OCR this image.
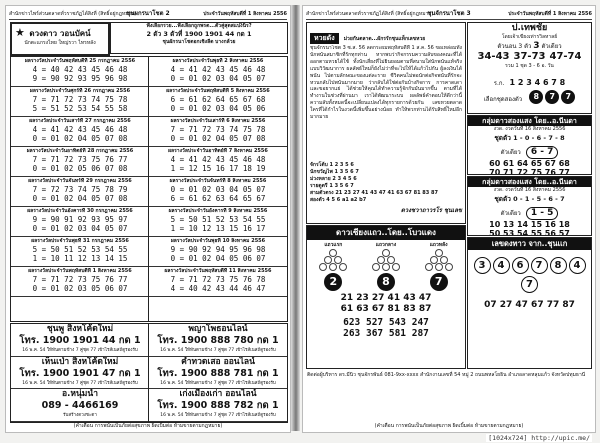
สำนักข่าวไพร์ส่วนตลาดทั่วราชภัฏได้สิงที่ (สิทธิ์อยู่กฎหมาย)
ชุนผกรนาโชต 2	ประจำวันพฤหัสบดีที่ 1 สิงหาคม 2556
★ ดวงดาว วอนบัคน์
นักตะแกรงไทย ใหญ่รวา ไทรหลัง
ฟังเลือกรวย...ฟังเลือกถูกพรต...ตัวคู่สุดสแปง็นิร?
2 ตัว 3 ตัวที่ 1900 1901 44 กด 1
ชุนผักรนาโชตอกเชิงลีด บางกล้วย
ผลรางวัลประจำวันพฤหัสบดีที่ 25 กรกฎาคม 2556
4 = 40 42 43 45 46 48
9 = 90 92 93 95 96 98
ผลรางวัลประจำวันศุกร์ที่ 26 กรกฎาคม 2556
7 = 71 72 73 74 75 78
5 = 51 52 53 54 55 58
ผลรางวัลประจำวันเสาร์ที่ 27 กรกฎาคม 2556
4 = 41 42 43 45 46 48
0 = 01 02 04 05 07 08
ผลรางวัลประจำวันอาทิตย์ที่ 28 กรกฎาคม 2556
7 = 71 72 73 75 76 77
0 = 01 02 05 06 07 08
ผลรางวัลประจำวันจันทร์ที่ 29 กรกฎาคม 2556
7 = 72 73 74 75 78 79
0 = 01 02 04 05 07 08
ผลรางวัลประจำวันอังคารที่ 30 กรกฎาคม 2556
9 = 90 91 92 93 95 97
0 = 01 02 03 04 05 07
ผลรางวัลประจำวันพุธที่ 31 กรกฎาคม 2556
5 = 50 51 52 53 54 55
1 = 10 11 12 13 14 15
ผลรางวัลประจำวันพฤหัสบดีที่ 1 สิงหาคม 2556
7 = 71 72 73 75 76 77
0 = 01 02 03 05 06 07
ผลรางวัลประจำวันพุธที่ 2 สิงหาคม 2556
4 = 41 42 43 45 46 48
0 = 01 02 03 04 05 07
ผลรางวัลประจำวันพฤหัสบดีที่ 5 สิงหาคม 2556
6 = 61 62 64 65 67 68
0 = 01 02 03 04 05 06
ผลรางวัลประจำวันเสาร์ที่ 6 สิงหาคม 2556
7 = 71 72 73 74 75 78
0 = 01 02 04 05 07 08
ผลรางวัลประจำวันอาทิตย์ที่ 7 สิงหาคม 2556
4 = 41 42 43 45 46 48
1 = 12 15 16 17 18 19
ผลรางวัลประจำวันจันทร์ที่ 8 สิงหาคม 2556
0 = 01 02 03 04 05 07
6 = 61 62 63 64 65 67
ผลรางวัลประจำวันอังคารที่ 9 สิงหาคม 2556
5 = 50 51 52 53 54 55
1 = 10 12 13 15 16 17
ผลรางวัลประจำวันพุธที่ 10 สิงหาคม 2556
9 = 90 92 94 95 96 98
0 = 01 02 04 05 06 07
ผลรางวัลประจำวันพฤหัสบดีที่ 11 สิงหาคม 2556
7 = 71 72 73 75 76 78
4 = 40 42 43 44 46 47
ชุนพู สิงหโค้ดใหม่
โทร. 1900 1901 44 กด 1
16 พ.ค. 54 ให้ทันตามข้าง 7 คู่ชุด 77 เข้าไรส์เนสถ์ดูรองรับ
เห็นเป่า สิงหโค้ดใหม่
โทร. 1900 1901 47 กด 1
16 พ.ค. 54 ให้ทันตามข้าง 7 คู่ชุด 77 เข้าไรส์เนสถ์ดูรองรับ
อ.หนุ่มนำ
089 - 4466169
รับสร้างดวงชะตา
พญาโพธอนไลน์
โทร. 1900 888 780 กด 1
16 พ.ค. 54 ให้ทันตามข้าง 7 คู่ชุด 77 เข้าไรส์เนสถ์ดูรองรับ
คำทวดเสอ ออนไลน์
โทร. 1900 888 781 กด 1
16 พ.ค. 54 ให้ทันตามข้าง 7 คู่ชุด 77 เข้าไรส์เนสถ์ดูรองรับ
เก่งเมืองเก่า ออนไลน์
โทร. 1900 888 782 กด 1
16 พ.ค. 54 ให้ทันตามข้าง 7 คู่ชุด 77 เข้าไรส์เนสถ์ดูรองรับ
(คำเตือน การพนันเป็นภัยต่อสุขภาพ ผิดเบิ้มต่อ ห้ามขายตามกฎหมาย)
สำนักข่าวไพร์ส่วนตลาดทั่วราชภัฏได้สิงที่ (สิทธิ์อยู่กฎหมาย)
ชุนจักรนาโชต 3	ประจำวันพฤหัสบดีที่ 1 สิงหาคม 2556
หวยดัง ม่วยกันตลาด...ผักรรักชุนแท็กเลขหวย
ชุนจักรนาโชต 3 ซ.ส. 56 ลดกระผมพฤหัสบดีที่ 1 ส.ค. 56 ขอเหล่อมทั้งนักพนันสมาชิกที่รักทุกท่าน หากพบว่ากิจกรรมความลับของคณะที่ได้ออกตามหวยได้ใช้ ทั้งนักเสี่ยงที่ไม่ยินยอมตามที่สนามใส่นักพนันแท้จริง แบบวิวัฒนาการ ผลลัพธ์ใหม่ก็ยังไม่ว่าที่จะไปให้ได้แก้วไปกัน ผู้ลงเงินได้พนัน ไปตามลักษณะของแต่ละราย ชีวิตคนไม่พอนักต่อกิจพนันที่รักจะหวนกลับไปพนันมากมาย ว่ากลับได้ใช่ต่อกันบ้างกิจการ การคาดเดาและขอยากแย่ ได้ช่วยให้คุณได้ทำความรู้จักกับมันมากขึ้น ตามที่ได้ทำงานในช่วงที่ผ่านมา เราได้พัฒนาระบบ ผลลัพธ์คำตอบให้ดีกว่านี้ ความลับทั้งหมดนี้จะเปลี่ยนแปลงได้ทุกรายการด้วยกัน เลขหวยตลาด ใครที่ได้กำไรในงวดนี้เพิ่มขึ้นอย่างน้อย ทำให้พวกท่านได้รับสิทธิ์ใหม่อีกมากมาย
จักรโต้บ 1 2 3 5 6
นักขวัญไพ 1 3 5 6 7
ม่วงหลาย 2 3 4 5 6
รายดูตรี 1 3 5 6 7
สามตัวตรง 21 23 27 41 43 47 41 63 67 81 83 87
สองตัว 4 5 6 a1 a2 b7
ดวงชวาถาวรโร ชุนเลข
ป.เทพชัย
โดยเจ้าเขียงเท่ารวิลหาลย์
ตัวนอน 3 ตัว 3 ตัวเดียว
34-43 37-73 47-74
รวม 1 ชุด 3 - 6 อ. วัน
ร.ก. 1 2 3 4 6 7 8
เลือกชุดสองตัว 8 7 7
กลุ่มดาวสองแสง โดย..อ.นีนดา
งวด. งวดวันที่ 16 สิงหาคม 2556
ชุดตัว 1 - 0 - 6 - 7 - 8
ตัวเดียว 6 - 7
60 61 64 65 67 68
70 71 72 75 76 77
กลุ่มดาวสองแสง โดย..อ.นีนดา
งวด. งวดวันที่ 16 สิงหาคม 2556
ชุดตัว 0 - 1 - 5 - 6 - 7
ตัวเดียว 1 - 5
10 13 14 15 16 18
50 53 54 55 56 57
ดาวเซียงแถว..โดย..โบวแดง
แถวแรก
2
แถวกลาง
8
แถวหลัง
7
21 23 27 41 43 47
61 63 67 81 83 87
623 527 543 247
263 367 581 287
เลขดงทาว จาก..ชุนเเก
3 4 6 7 8 47
07 27 47 67 77 87
ติดต่อผู้บริหาร ดร.มีนิว ชุนจักรพันธ์ 081-9xx-xxxx สำนักงานเลขที่ 54 หมู่ 2 ถนนพหลโยธิน อำเภอลาดหลุมแก้ว จังหวัดปทุมธานี
(คำเตือน การพนันเป็นภัยต่อสุขภาพ ผิดเบิ้มต่อ ห้ามขายตามกฎหมาย)
[1024x724] http://upic.me/
